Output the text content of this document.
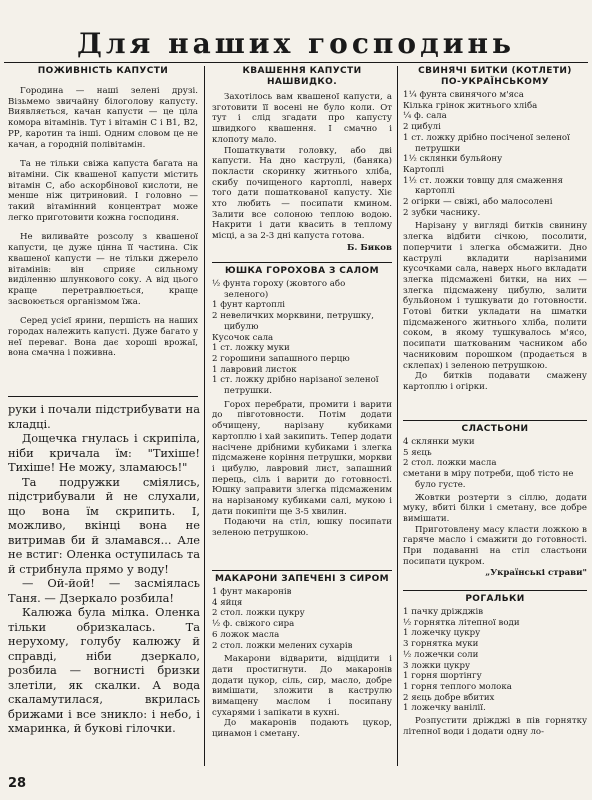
Для наших господинь
ПОЖИВНІСТЬ КАПУСТИ

Городина — наші зелені друзі. Візьмемо звичайну білоголову капусту. Виявляється, качан капусти — це ціла комора вітамінів. Тут і вітамін С і В1, В2, РР, каротин та інші. Одним словом це не качан, а городній полівітамін.

Та не тільки свіжа капуста багата на вітаміни. Сік квашеної капусти містить вітамін С, або аскорбінової кислоти, не менше ніж цитриновий. І головно — такий вітамінний концентрат може легко приготовити кожна господиня.

Не виливайте розсолу з квашеної капусти, це дуже цінна її частина. Сік квашеної капусти — не тільки джерело вітамінів: він сприяє сильному виділенню шлункового соку. А від цього краще перетравлюється, краще засвоюється організмом їжа.

Серед усієї ярини, першість на наших городах належить капусті. Дуже багато у неї переваг. Вона дає хороші врожаї, вона смачна і поживна.

руки і почали підстрибувати на кладці.

Дощечка гнулась і скрипіла, ніби кричала їм: "Тихіше! Тихіше! Не можу, зламаюсь!"

Та подружки сміялись, підстрибували й не слухали, що вона їм скрипить. І, можливо, вкінці вона не витримав би й зламався... Але не встиг: Оленка оступилась та й стрибнула прямо у воду!

— Ой-йой! — засміялась Таня. — Дзеркало розбила!

Калюжа була мілка. Оленка тільки обризкалась. Та нерухому, голубу калюжу й справді, ніби дзеркало, розбила — вогнисті бризки злетіли, як скалки. А вода скаламутилася, вкрилась брижами і все зникло: і небо, і хмаринка, й букові гілочки.

КВАШЕННЯ КАПУСТИ
НАШВИДКО.

Захотілось вам квашеної капусти, а зготовити її восені не було коли. От тут і слід згадати про капусту швидкого квашення. І смачно і клопоту мало.

Пошаткувати головку, або дві капусти. На дно каструлі, (баняка) покласти скоринку житнього хліба, скибу почищеного картоплі, наверх того дати пошаткованої капусту. Хіє хто любить — посипати кмином. Залити все солоною теплою водою. Накрити і дати квасить в теплому місці, а за 2-3 дні капуста готова.

Б. Биков
ЮШКА ГОРОХОВА З САЛОМ
½ фунта гороху (жовтого або зеленого)
1 фунт картоплі
2 невеличких морквини, петрушку, цибулю
Кусочок сала
1 ст. ложку муки
2 горошини запашного перцю
1 лавровий листок
1 ст. ложку дрібно нарізаної зеленої петрушки.

Горох перебрати, промити і варити до півготовности. Потім додати обчищену, нарізану кубиками картоплю і хай закипить. Тепер додати насічене дрібними кубиками і злегка підсмажене коріння петрушки, моркви і цибулю, лавровий лист, запашний перець, сіль і варити до готовності. Юшку заправити злегка підсмаженим на нарізаному кубиками салі, мукою і дати покипіти ще 3-5 хвилин.

Подаючи на стіл, юшку посипати зеленою петрушкою.

МАКАРОНИ ЗАПЕЧЕНІ З СИРОМ
1 фунт макаронів
4 яйця
2 стол. ложки цукру
½ ф. свіжого сира
6 ложок масла
2 стол. ложки мелених сухарів

Макарони відварити, відцідити і дати простигнути. До макаронів додати цукор, сіль, сир, масло, добре вимішати, зложити в каструлю вимащену маслом і посипану сухарями і запікати в кухні.

До макаронів подають цукор, цинамон і сметану.

СВИНЯЧІ БИТКИ (КОТЛЕТИ)
ПО-УКРАЇНСЬКОМУ
1¼ фунта свинячого м'яса
Кілька грінок житнього хліба
¼ ф. сала
2 цибулі
1 ст. ложку дрібно посіченої зеленої петрушки
1½ склянки бульйону
Картоплі
1½ ст. ложки товщу для смаження картоплі
2 огірки — свіжі, або малосолені
2 зубки часнику.

Нарізану у вигляді битків свинину злегка відбити січкою, посолити, поперчити і злегка обсмажити. Дно каструлі вкладити нарізаними кусочками сала, наверх нього вкладати злегка підсмажені битки, на них — злегка підсмажену цибулю, залити бульйоном і тушкувати до готовности. Готові битки укладати на шматки підсмаженого житнього хліба, полити соком, в якому тушкувалось м'ясо, посипати шаткованим часником або часниковим порошком (продається в склепах) і зеленою петрушкою.

До битків подавати смажену картоплю і огірки.

СЛАСТЬОНИ
4 склянки муки
5 яєць
2 стол. ложки масла
сметани в міру потреби, щоб тісто не було густе.

Жовтки розтерти з сіллю, додати муку, вбиті білки і сметану, все добре вимішати.

Приготовлену масу класти ложкою в гаряче масло і смажити до готовності. При подаванні на стіл сластьони посипати цукром.

„Українські страви"
РОГАЛЬКИ
1 пачку дріжджів
½ горнятка літепної води
1 ложечку цукру
3 горнятка муки
½ ложечки соли
3 ложки цукру
1 горня шортінгу
1 горня теплого молока
2 яєць добре вбитих
1 ложечку ванілії.

Розпустити дріжджі в пів горнятку літепної води і додати одну ло-

28
